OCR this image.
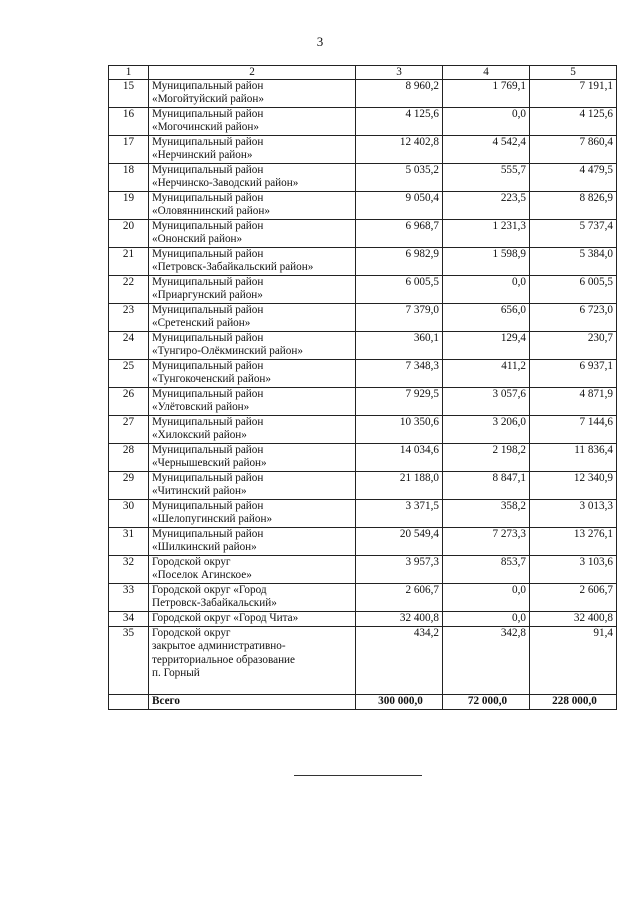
3
1	2	3	4	5
15	Муниципальный район
«Могойтуйский район»	8 960,2	1 769,1	7 191,1
16	Муниципальный район
«Могочинский район»	4 125,6	0,0	4 125,6
17	Муниципальный район
«Нерчинский район»	12 402,8	4 542,4	7 860,4
18	Муниципальный район
«Нерчинско-Заводский район»	5 035,2	555,7	4 479,5
19	Муниципальный район
«Оловяннинский район»	9 050,4	223,5	8 826,9
20	Муниципальный район
«Ононский район»	6 968,7	1 231,3	5 737,4
21	Муниципальный район
«Петровск-Забайкальский район»	6 982,9	1 598,9	5 384,0
22	Муниципальный район
«Приаргунский район»	6 005,5	0,0	6 005,5
23	Муниципальный район
«Сретенский район»	7 379,0	656,0	6 723,0
24	Муниципальный район
«Тунгиро-Олёкминский район»	360,1	129,4	230,7
25	Муниципальный район
«Тунгокоченский район»	7 348,3	411,2	6 937,1
26	Муниципальный район
«Улётовский район»	7 929,5	3 057,6	4 871,9
27	Муниципальный район
«Хилокский район»	10 350,6	3 206,0	7 144,6
28	Муниципальный район
«Чернышевский район»	14 034,6	2 198,2	11 836,4
29	Муниципальный район
«Читинский район»	21 188,0	8 847,1	12 340,9
30	Муниципальный район
«Шелопугинский район»	3 371,5	358,2	3 013,3
31	Муниципальный район
«Шилкинский район»	20 549,4	7 273,3	13 276,1
32	Городской округ
«Поселок Агинское»	3 957,3	853,7	3 103,6
33	Городской округ «Город
Петровск-Забайкальский»	2 606,7	0,0	2 606,7
34	Городской округ «Город Чита»	32 400,8	0,0	32 400,8
35	Городской округ
закрытое административно-
территориальное образование
п. Горный	434,2	342,8	91,4
	Всего	300 000,0	72 000,0	228 000,0
